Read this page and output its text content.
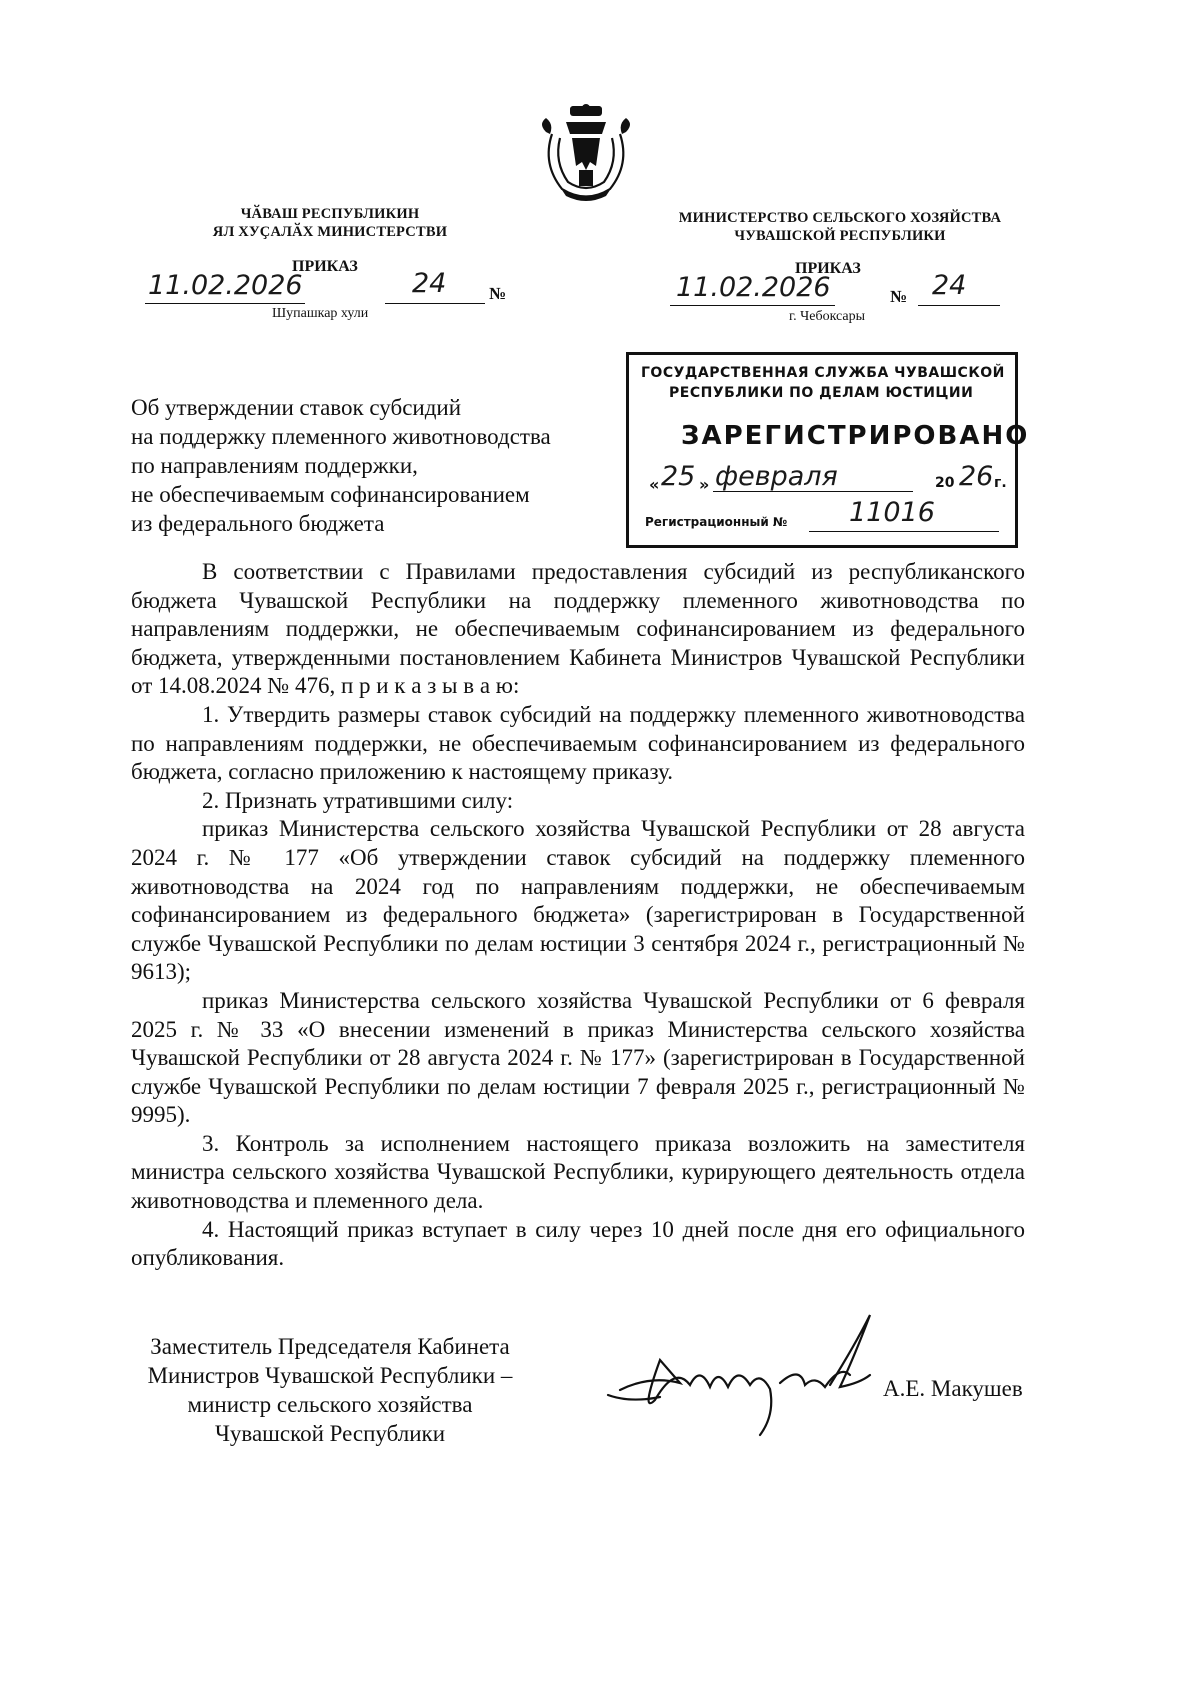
ЧӐВАШ РЕСПУБЛИКИН
ЯЛ ХУҪАЛӐХ МИНИСТЕРСТВИ
МИНИСТЕРСТВО СЕЛЬСКОГО ХОЗЯЙСТВА
ЧУВАШСКОЙ РЕСПУБЛИКИ
ПРИКАЗ
11.02.2026	24	№
Шупашкар хули
ПРИКАЗ
11.02.2026	№ 24
г. Чебоксары
ГОСУДАРСТВЕННАЯ СЛУЖБА ЧУВАШСКОЙ
РЕСПУБЛИКИ ПО ДЕЛАМ ЮСТИЦИИ
ЗАРЕГИСТРИРОВАНО
« 25 » февраля	20 26 г.
Регистрационный № 11016
Об утверждении ставок субсидий
на поддержку племенного животноводства
по направлениям поддержки,
не обеспечиваемым софинансированием
из федерального бюджета

В соответствии с Правилами предоставления субсидий из республиканского бюджета Чувашской Республики на поддержку племенного животноводства по направлениям поддержки, не обеспечиваемым софинансированием из федерального бюджета, утвержденными постановлением Кабинета Министров Чувашской Республики от 14.08.2024 № 476, п р и к а з ы в а ю:

1. Утвердить размеры ставок субсидий на поддержку племенного животноводства по направлениям поддержки, не обеспечиваемым софинансированием из федерального бюджета, согласно приложению к настоящему приказу.

2. Признать утратившими силу:

приказ Министерства сельского хозяйства Чувашской Республики от 28 августа 2024 г. № 177 «Об утверждении ставок субсидий на поддержку племенного животноводства на 2024 год по направлениям поддержки, не обеспечиваемым софинансированием из федерального бюджета» (зарегистрирован в Государственной службе Чувашской Республики по делам юстиции 3 сентября 2024 г., регистрационный № 9613);

приказ Министерства сельского хозяйства Чувашской Республики от 6 февраля 2025 г. № 33 «О внесении изменений в приказ Министерства сельского хозяйства Чувашской Республики от 28 августа 2024 г. № 177» (зарегистрирован в Государственной службе Чувашской Республики по делам юстиции 7 февраля 2025 г., регистрационный № 9995).

3. Контроль за исполнением настоящего приказа возложить на заместителя министра сельского хозяйства Чувашской Республики, курирующего деятельность отдела животноводства и племенного дела.

4. Настоящий приказ вступает в силу через 10 дней после дня его официального опубликования.

Заместитель Председателя Кабинета
Министров Чувашской Республики –
министр сельского хозяйства
Чувашской Республики
А.Е. Макушев
